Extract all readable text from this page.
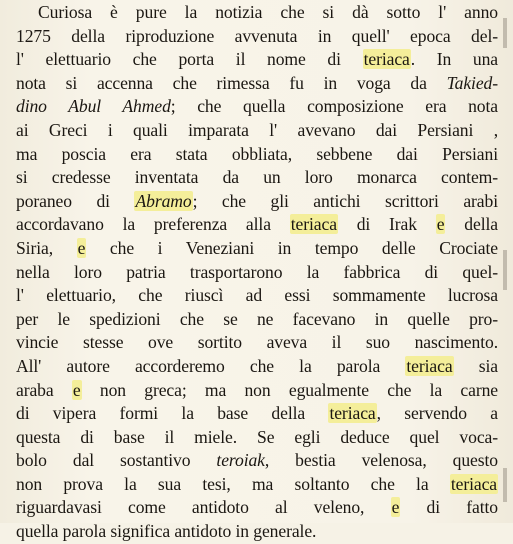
Curiosa è pure la notizia che si dà sotto l' anno
1275 della riproduzione avvenuta in quell' epoca del-
l' elettuario che porta il nome di teriaca. In una
nota si accenna che rimessa fu in voga da Takied-
dino Abul Ahmed; che quella composizione era nota
ai Greci i quali imparata l' avevano dai Persiani ,
ma poscia era stata obbliata, sebbene dai Persiani
si credesse inventata da un loro monarca contem-
poraneo di Abramo; che gli antichi scrittori arabi
accordavano la preferenza alla teriaca di Irak e della
Siria, e che i Veneziani in tempo delle Crociate
nella loro patria trasportarono la fabbrica di quel-
l' elettuario, che riuscì ad essi sommamente lucrosa
per le spedizioni che se ne facevano in quelle pro-
vincie stesse ove sortito aveva il suo nascimento.
All' autore accorderemo che la parola teriaca sia
araba e non greca; ma non egualmente che la carne
di vipera formi la base della teriaca, servendo a
questa di base il miele. Se egli deduce quel voca-
bolo dal sostantivo teroiak, bestia velenosa, questo
non prova la sua tesi, ma soltanto che la teriaca
riguardavasi come antidoto al veleno, e di fatto
quella parola significa antidoto in generale.
